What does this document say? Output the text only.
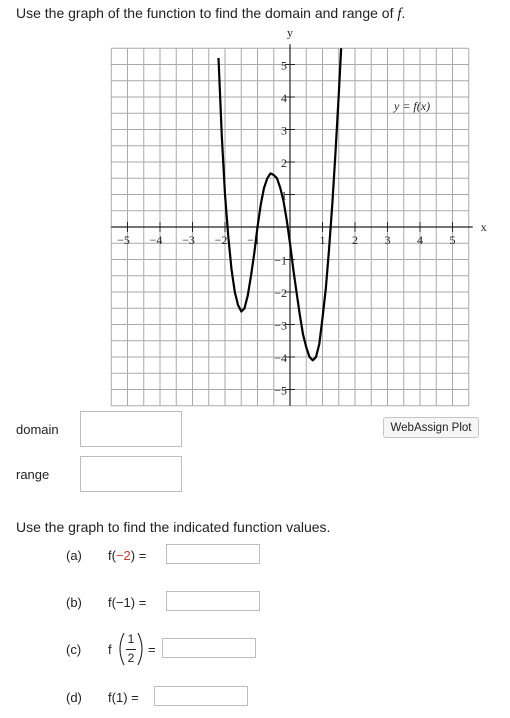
Use the graph of the function to find the domain and range of f.
−5 −4 −3 −2 −1	1 2 3 4 5
5
4
3
2
1
−1
−2
−3
−4
−5
y
x
y = f(x)
domain
range
WebAssign Plot
Use the graph to find the indicated function values.
(a) f(−2) =
(b) f(−1) =
(c) f
1
2
=
(d) f(1) =
